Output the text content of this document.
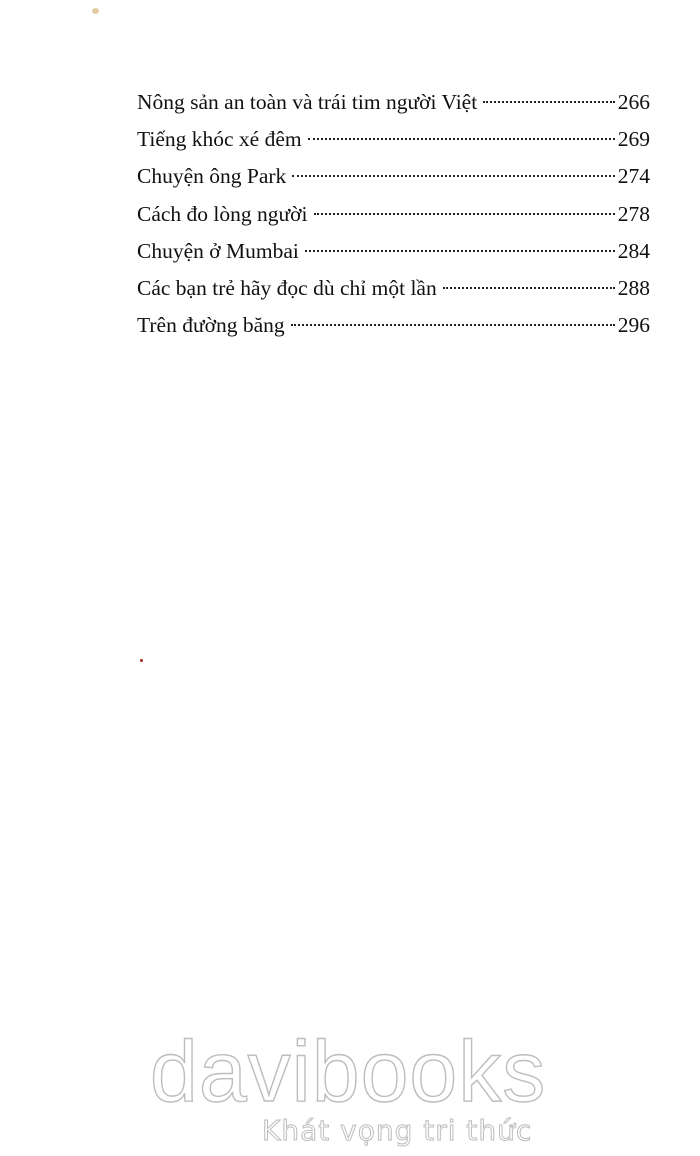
Nông sản an toàn và trái tim người Việt	266
Tiếng khóc xé đêm	269
Chuyện ông Park	274
Cách đo lòng người	278
Chuyện ở Mumbai	284
Các bạn trẻ hãy đọc dù chỉ một lần	288
Trên đường băng	296
davibooks
Khát vọng tri thức
